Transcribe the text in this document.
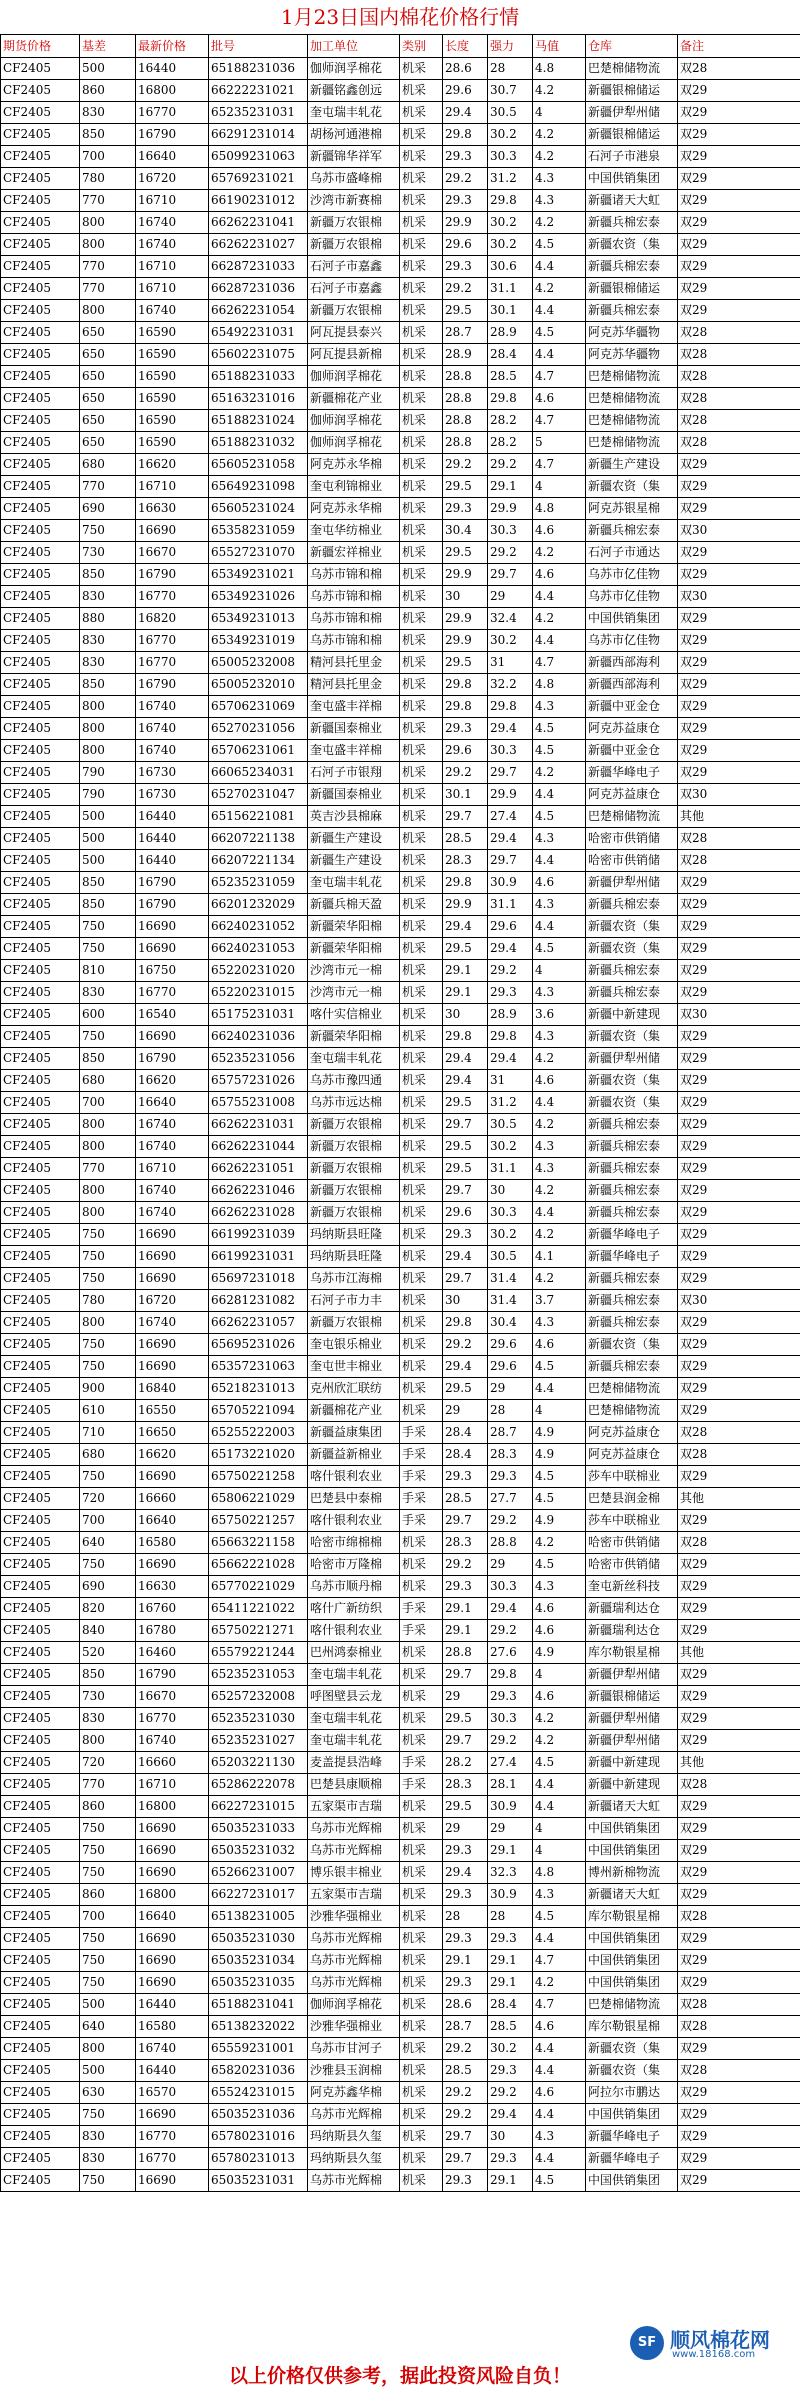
1月23日国内棉花价格行情
期货价格	基差	最新价格	批号	加工单位	类别	长度	强力	马值	仓库	备注
CF2405	500	16440	65188231036	伽师润孚棉花	机采	28.6	28	4.8	巴楚棉储物流	双28
CF2405	860	16800	66222231021	新疆铭鑫创远	机采	29.6	30.7	4.2	新疆银棉储运	双29
CF2405	830	16770	65235231031	奎屯瑞丰轧花	机采	29.4	30.5	4	新疆伊犁州储	双29
CF2405	850	16790	66291231014	胡杨河通港棉	机采	29.8	30.2	4.2	新疆银棉储运	双29
CF2405	700	16640	65099231063	新疆锦华祥军	机采	29.3	30.3	4.2	石河子市港泉	双29
CF2405	780	16720	65769231021	乌苏市盛峰棉	机采	29.2	31.2	4.3	中国供销集团	双29
CF2405	770	16710	66190231012	沙湾市新赛棉	机采	29.3	29.8	4.3	新疆诸天大虹	双29
CF2405	800	16740	66262231041	新疆万农银棉	机采	29.9	30.2	4.2	新疆兵棉宏泰	双29
CF2405	800	16740	66262231027	新疆万农银棉	机采	29.6	30.2	4.5	新疆农资（集	双29
CF2405	770	16710	66287231033	石河子市嘉鑫	机采	29.3	30.6	4.4	新疆兵棉宏泰	双29
CF2405	770	16710	66287231036	石河子市嘉鑫	机采	29.2	31.1	4.2	新疆银棉储运	双29
CF2405	800	16740	66262231054	新疆万农银棉	机采	29.5	30.1	4.4	新疆兵棉宏泰	双29
CF2405	650	16590	65492231031	阿瓦提县泰兴	机采	28.7	28.9	4.5	阿克苏华疆物	双28
CF2405	650	16590	65602231075	阿瓦提县新棉	机采	28.9	28.4	4.4	阿克苏华疆物	双28
CF2405	650	16590	65188231033	伽师润孚棉花	机采	28.8	28.5	4.7	巴楚棉储物流	双28
CF2405	650	16590	65163231016	新疆棉花产业	机采	28.8	29.8	4.6	巴楚棉储物流	双28
CF2405	650	16590	65188231024	伽师润孚棉花	机采	28.8	28.2	4.7	巴楚棉储物流	双28
CF2405	650	16590	65188231032	伽师润孚棉花	机采	28.8	28.2	5	巴楚棉储物流	双28
CF2405	680	16620	65605231058	阿克苏永华棉	机采	29.2	29.2	4.7	新疆生产建设	双29
CF2405	770	16710	65649231098	奎屯利锦棉业	机采	29.5	29.1	4	新疆农资（集	双29
CF2405	690	16630	65605231024	阿克苏永华棉	机采	29.3	29.9	4.8	阿克苏银星棉	双29
CF2405	750	16690	65358231059	奎屯华纺棉业	机采	30.4	30.3	4.6	新疆兵棉宏泰	双30
CF2405	730	16670	65527231070	新疆宏祥棉业	机采	29.5	29.2	4.2	石河子市通达	双29
CF2405	850	16790	65349231021	乌苏市锦和棉	机采	29.9	29.7	4.6	乌苏市亿佳物	双29
CF2405	830	16770	65349231026	乌苏市锦和棉	机采	30	29	4.4	乌苏市亿佳物	双30
CF2405	880	16820	65349231013	乌苏市锦和棉	机采	29.9	32.4	4.2	中国供销集团	双29
CF2405	830	16770	65349231019	乌苏市锦和棉	机采	29.9	30.2	4.4	乌苏市亿佳物	双29
CF2405	830	16770	65005232008	精河县托里金	机采	29.5	31	4.7	新疆西部海利	双29
CF2405	850	16790	65005232010	精河县托里金	机采	29.8	32.2	4.8	新疆西部海利	双29
CF2405	800	16740	65706231069	奎屯盛丰祥棉	机采	29.8	29.8	4.3	新疆中亚金仓	双29
CF2405	800	16740	65270231056	新疆国泰棉业	机采	29.3	29.4	4.5	阿克苏益康仓	双29
CF2405	800	16740	65706231061	奎屯盛丰祥棉	机采	29.6	30.3	4.5	新疆中亚金仓	双29
CF2405	790	16730	66065234031	石河子市银翔	机采	29.2	29.7	4.2	新疆华峰电子	双29
CF2405	790	16730	65270231047	新疆国泰棉业	机采	30.1	29.9	4.4	阿克苏益康仓	双30
CF2405	500	16440	65156221081	英吉沙县棉麻	机采	29.7	27.4	4.5	巴楚棉储物流	其他
CF2405	500	16440	66207221138	新疆生产建设	机采	28.5	29.4	4.3	哈密市供销储	双28
CF2405	500	16440	66207221134	新疆生产建设	机采	28.3	29.7	4.4	哈密市供销储	双28
CF2405	850	16790	65235231059	奎屯瑞丰轧花	机采	29.8	30.9	4.6	新疆伊犁州储	双29
CF2405	850	16790	66201232029	新疆兵棉天盈	机采	29.9	31.1	4.3	新疆兵棉宏泰	双29
CF2405	750	16690	66240231052	新疆荣华阳棉	机采	29.4	29.6	4.4	新疆农资（集	双29
CF2405	750	16690	66240231053	新疆荣华阳棉	机采	29.5	29.4	4.5	新疆农资（集	双29
CF2405	810	16750	65220231020	沙湾市元一棉	机采	29.1	29.2	4	新疆兵棉宏泰	双29
CF2405	830	16770	65220231015	沙湾市元一棉	机采	29.1	29.3	4.3	新疆兵棉宏泰	双29
CF2405	600	16540	65175231031	喀什实信棉业	机采	30	28.9	3.6	新疆中新建现	双30
CF2405	750	16690	66240231036	新疆荣华阳棉	机采	29.8	29.8	4.3	新疆农资（集	双29
CF2405	850	16790	65235231056	奎屯瑞丰轧花	机采	29.4	29.4	4.2	新疆伊犁州储	双29
CF2405	680	16620	65757231026	乌苏市豫四通	机采	29.4	31	4.6	新疆农资（集	双29
CF2405	700	16640	65755231008	乌苏市远达棉	机采	29.5	31.2	4.4	新疆农资（集	双29
CF2405	800	16740	66262231031	新疆万农银棉	机采	29.7	30.5	4.2	新疆兵棉宏泰	双29
CF2405	800	16740	66262231044	新疆万农银棉	机采	29.5	30.2	4.3	新疆兵棉宏泰	双29
CF2405	770	16710	66262231051	新疆万农银棉	机采	29.5	31.1	4.3	新疆兵棉宏泰	双29
CF2405	800	16740	66262231046	新疆万农银棉	机采	29.7	30	4.2	新疆兵棉宏泰	双29
CF2405	800	16740	66262231028	新疆万农银棉	机采	29.6	30.3	4.4	新疆兵棉宏泰	双29
CF2405	750	16690	66199231039	玛纳斯县旺隆	机采	29.3	30.2	4.2	新疆华峰电子	双29
CF2405	750	16690	66199231031	玛纳斯县旺隆	机采	29.4	30.5	4.1	新疆华峰电子	双29
CF2405	750	16690	65697231018	乌苏市江海棉	机采	29.7	31.4	4.2	新疆兵棉宏泰	双29
CF2405	780	16720	66281231082	石河子市力丰	机采	30	31.4	3.7	新疆兵棉宏泰	双30
CF2405	800	16740	66262231057	新疆万农银棉	机采	29.8	30.4	4.3	新疆兵棉宏泰	双29
CF2405	750	16690	65695231026	奎屯银乐棉业	机采	29.2	29.6	4.6	新疆农资（集	双29
CF2405	750	16690	65357231063	奎屯世丰棉业	机采	29.4	29.6	4.5	新疆兵棉宏泰	双29
CF2405	900	16840	65218231013	克州欣汇联纺	机采	29.5	29	4.4	巴楚棉储物流	双29
CF2405	610	16550	65705221094	新疆棉花产业	机采	29	28	4	巴楚棉储物流	双29
CF2405	710	16650	65255222003	新疆益康集团	手采	28.4	28.7	4.9	阿克苏益康仓	双28
CF2405	680	16620	65173221020	新疆益新棉业	手采	28.4	28.3	4.9	阿克苏益康仓	双28
CF2405	750	16690	65750221258	喀什银利农业	手采	29.3	29.3	4.5	莎车中联棉业	双29
CF2405	720	16660	65806221029	巴楚县中泰棉	手采	28.5	27.7	4.5	巴楚县润金棉	其他
CF2405	700	16640	65750221257	喀什银利农业	手采	29.7	29.2	4.9	莎车中联棉业	双29
CF2405	640	16580	65663221158	哈密市绵棉棉	机采	28.3	28.8	4.2	哈密市供销储	双28
CF2405	750	16690	65662221028	哈密市万隆棉	机采	29.2	29	4.5	哈密市供销储	双29
CF2405	690	16630	65770221029	乌苏市顺丹棉	机采	29.3	30.3	4.3	奎屯新丝科技	双29
CF2405	820	16760	65411221022	喀什广新纺织	手采	29.1	29.4	4.6	新疆瑞利达仓	双29
CF2405	840	16780	65750221271	喀什银利农业	手采	29.1	29.2	4.6	新疆瑞利达仓	双29
CF2405	520	16460	65579221244	巴州鸿泰棉业	机采	28.8	27.6	4.9	库尔勒银星棉	其他
CF2405	850	16790	65235231053	奎屯瑞丰轧花	机采	29.7	29.8	4	新疆伊犁州储	双29
CF2405	730	16670	65257232008	呼图壁县云龙	机采	29	29.3	4.6	新疆银棉储运	双29
CF2405	830	16770	65235231030	奎屯瑞丰轧花	机采	29.5	30.3	4.2	新疆伊犁州储	双29
CF2405	800	16740	65235231027	奎屯瑞丰轧花	机采	29.7	29.2	4.2	新疆伊犁州储	双29
CF2405	720	16660	65203221130	麦盖提县浩峰	手采	28.2	27.4	4.5	新疆中新建现	其他
CF2405	770	16710	65286222078	巴楚县康顺棉	手采	28.3	28.1	4.4	新疆中新建现	双28
CF2405	860	16800	66227231015	五家渠市吉瑞	机采	29.5	30.9	4.4	新疆诸天大虹	双29
CF2405	750	16690	65035231033	乌苏市光辉棉	机采	29	29	4	中国供销集团	双29
CF2405	750	16690	65035231032	乌苏市光辉棉	机采	29.3	29.1	4	中国供销集团	双29
CF2405	750	16690	65266231007	博乐银丰棉业	机采	29.4	32.3	4.8	博州新棉物流	双29
CF2405	860	16800	66227231017	五家渠市吉瑞	机采	29.3	30.9	4.3	新疆诸天大虹	双29
CF2405	700	16640	65138231005	沙雅华强棉业	机采	28	28	4.5	库尔勒银星棉	双28
CF2405	750	16690	65035231030	乌苏市光辉棉	机采	29.3	29.3	4.4	中国供销集团	双29
CF2405	750	16690	65035231034	乌苏市光辉棉	机采	29.1	29.1	4.7	中国供销集团	双29
CF2405	750	16690	65035231035	乌苏市光辉棉	机采	29.3	29.1	4.2	中国供销集团	双29
CF2405	500	16440	65188231041	伽师润孚棉花	机采	28.6	28.4	4.7	巴楚棉储物流	双28
CF2405	640	16580	65138232022	沙雅华强棉业	机采	28.7	28.5	4.6	库尔勒银星棉	双28
CF2405	800	16740	65559231001	乌苏市甘河子	机采	29.2	30.2	4.4	新疆农资（集	双29
CF2405	500	16440	65820231036	沙雅县玉润棉	机采	28.5	29.3	4.4	新疆农资（集	双28
CF2405	630	16570	65524231015	阿克苏鑫华棉	机采	29.2	29.2	4.6	阿拉尔市鹏达	双29
CF2405	750	16690	65035231036	乌苏市光辉棉	机采	29.2	29.4	4.4	中国供销集团	双29
CF2405	830	16770	65780231016	玛纳斯县久玺	机采	29.7	30	4.3	新疆华峰电子	双29
CF2405	830	16770	65780231013	玛纳斯县久玺	机采	29.7	29.3	4.4	新疆华峰电子	双29
CF2405	750	16690	65035231031	乌苏市光辉棉	机采	29.3	29.1	4.5	中国供销集团	双29
以上价格仅供参考，据此投资风险自负！
SF 顺风棉花网
www.18168.com
